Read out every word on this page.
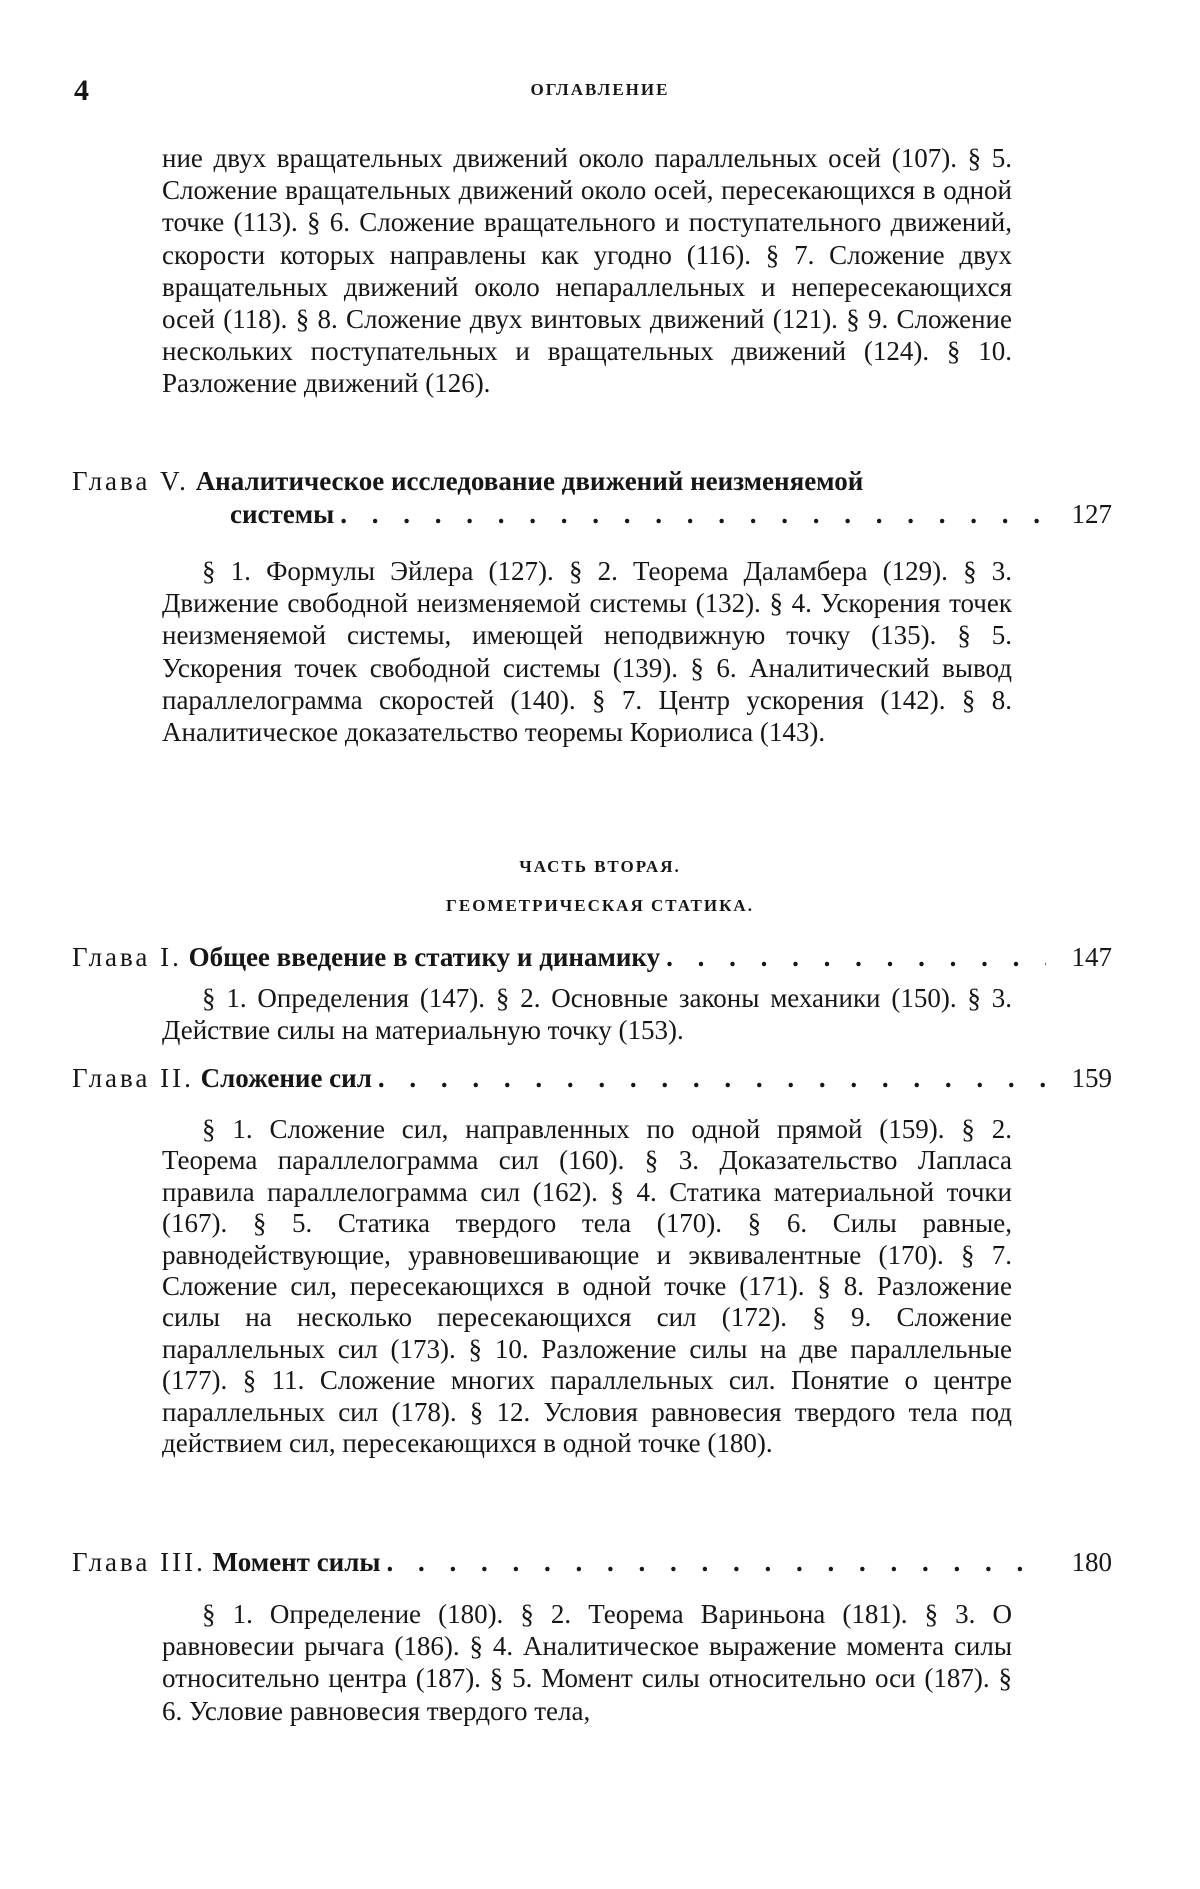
4	ОГЛАВЛЕНИЕ
ние двух вращательных движений около параллельных осей (107). § 5. Сложение вращательных движений около осей, пересекающихся в одной точке (113). § 6. Сложение вращательного и поступательного движений, скорости которых направлены как угодно (116). § 7. Сложение двух вращательных движений около непараллельных и непересекающихся осей (118). § 8. Сложение двух винтовых движений (121). § 9. Сложение нескольких поступательных и вращательных движений (124). § 10. Разложение движений (126).
Глава V. Аналитическое исследование движений неизменяемой
системы . . .	127
§ 1. Формулы Эйлера (127). § 2. Теорема Даламбера (129). § 3. Движение свободной неизменяемой системы (132). § 4. Ускорения точек неизменяемой системы, имеющей неподвижную точку (135). § 5. Ускорения точек свободной системы (139). § 6. Аналитический вывод параллелограмма скоростей (140). § 7. Центр ускорения (142). § 8. Аналитическое доказательство теоремы Кориолиса (143).
ЧАСТЬ ВТОРАЯ.
ГЕОМЕТРИЧЕСКАЯ СТАТИКА.
Глава I. Общее введение в статику и динамику . . .	147
§ 1. Определения (147). § 2. Основные законы механики (150). § 3. Действие силы на материальную точку (153).
Глава II. Сложение сил . . .	159
§ 1. Сложение сил, направленных по одной прямой (159). § 2. Теорема параллелограмма сил (160). § 3. Доказательство Лапласа правила параллелограмма сил (162). § 4. Статика материальной точки (167). § 5. Статика твердого тела (170). § 6. Силы равные, равнодействующие, уравновешивающие и эквивалентные (170). § 7. Сложение сил, пересекающихся в одной точке (171). § 8. Разложение силы на несколько пересекающихся сил (172). § 9. Сложение параллельных сил (173). § 10. Разложение силы на две параллельные (177). § 11. Сложение многих параллельных сил. Понятие о центре параллельных сил (178). § 12. Условия равновесия твердого тела под действием сил, пересекающихся в одной точке (180).
Глава III. Момент силы . . .	180
§ 1. Определение (180). § 2. Теорема Вариньона (181). § 3. О равновесии рычага (186). § 4. Аналитическое выражение момента силы относительно центра (187). § 5. Момент силы относительно оси (187). § 6. Условие равновесия твердого тела,
